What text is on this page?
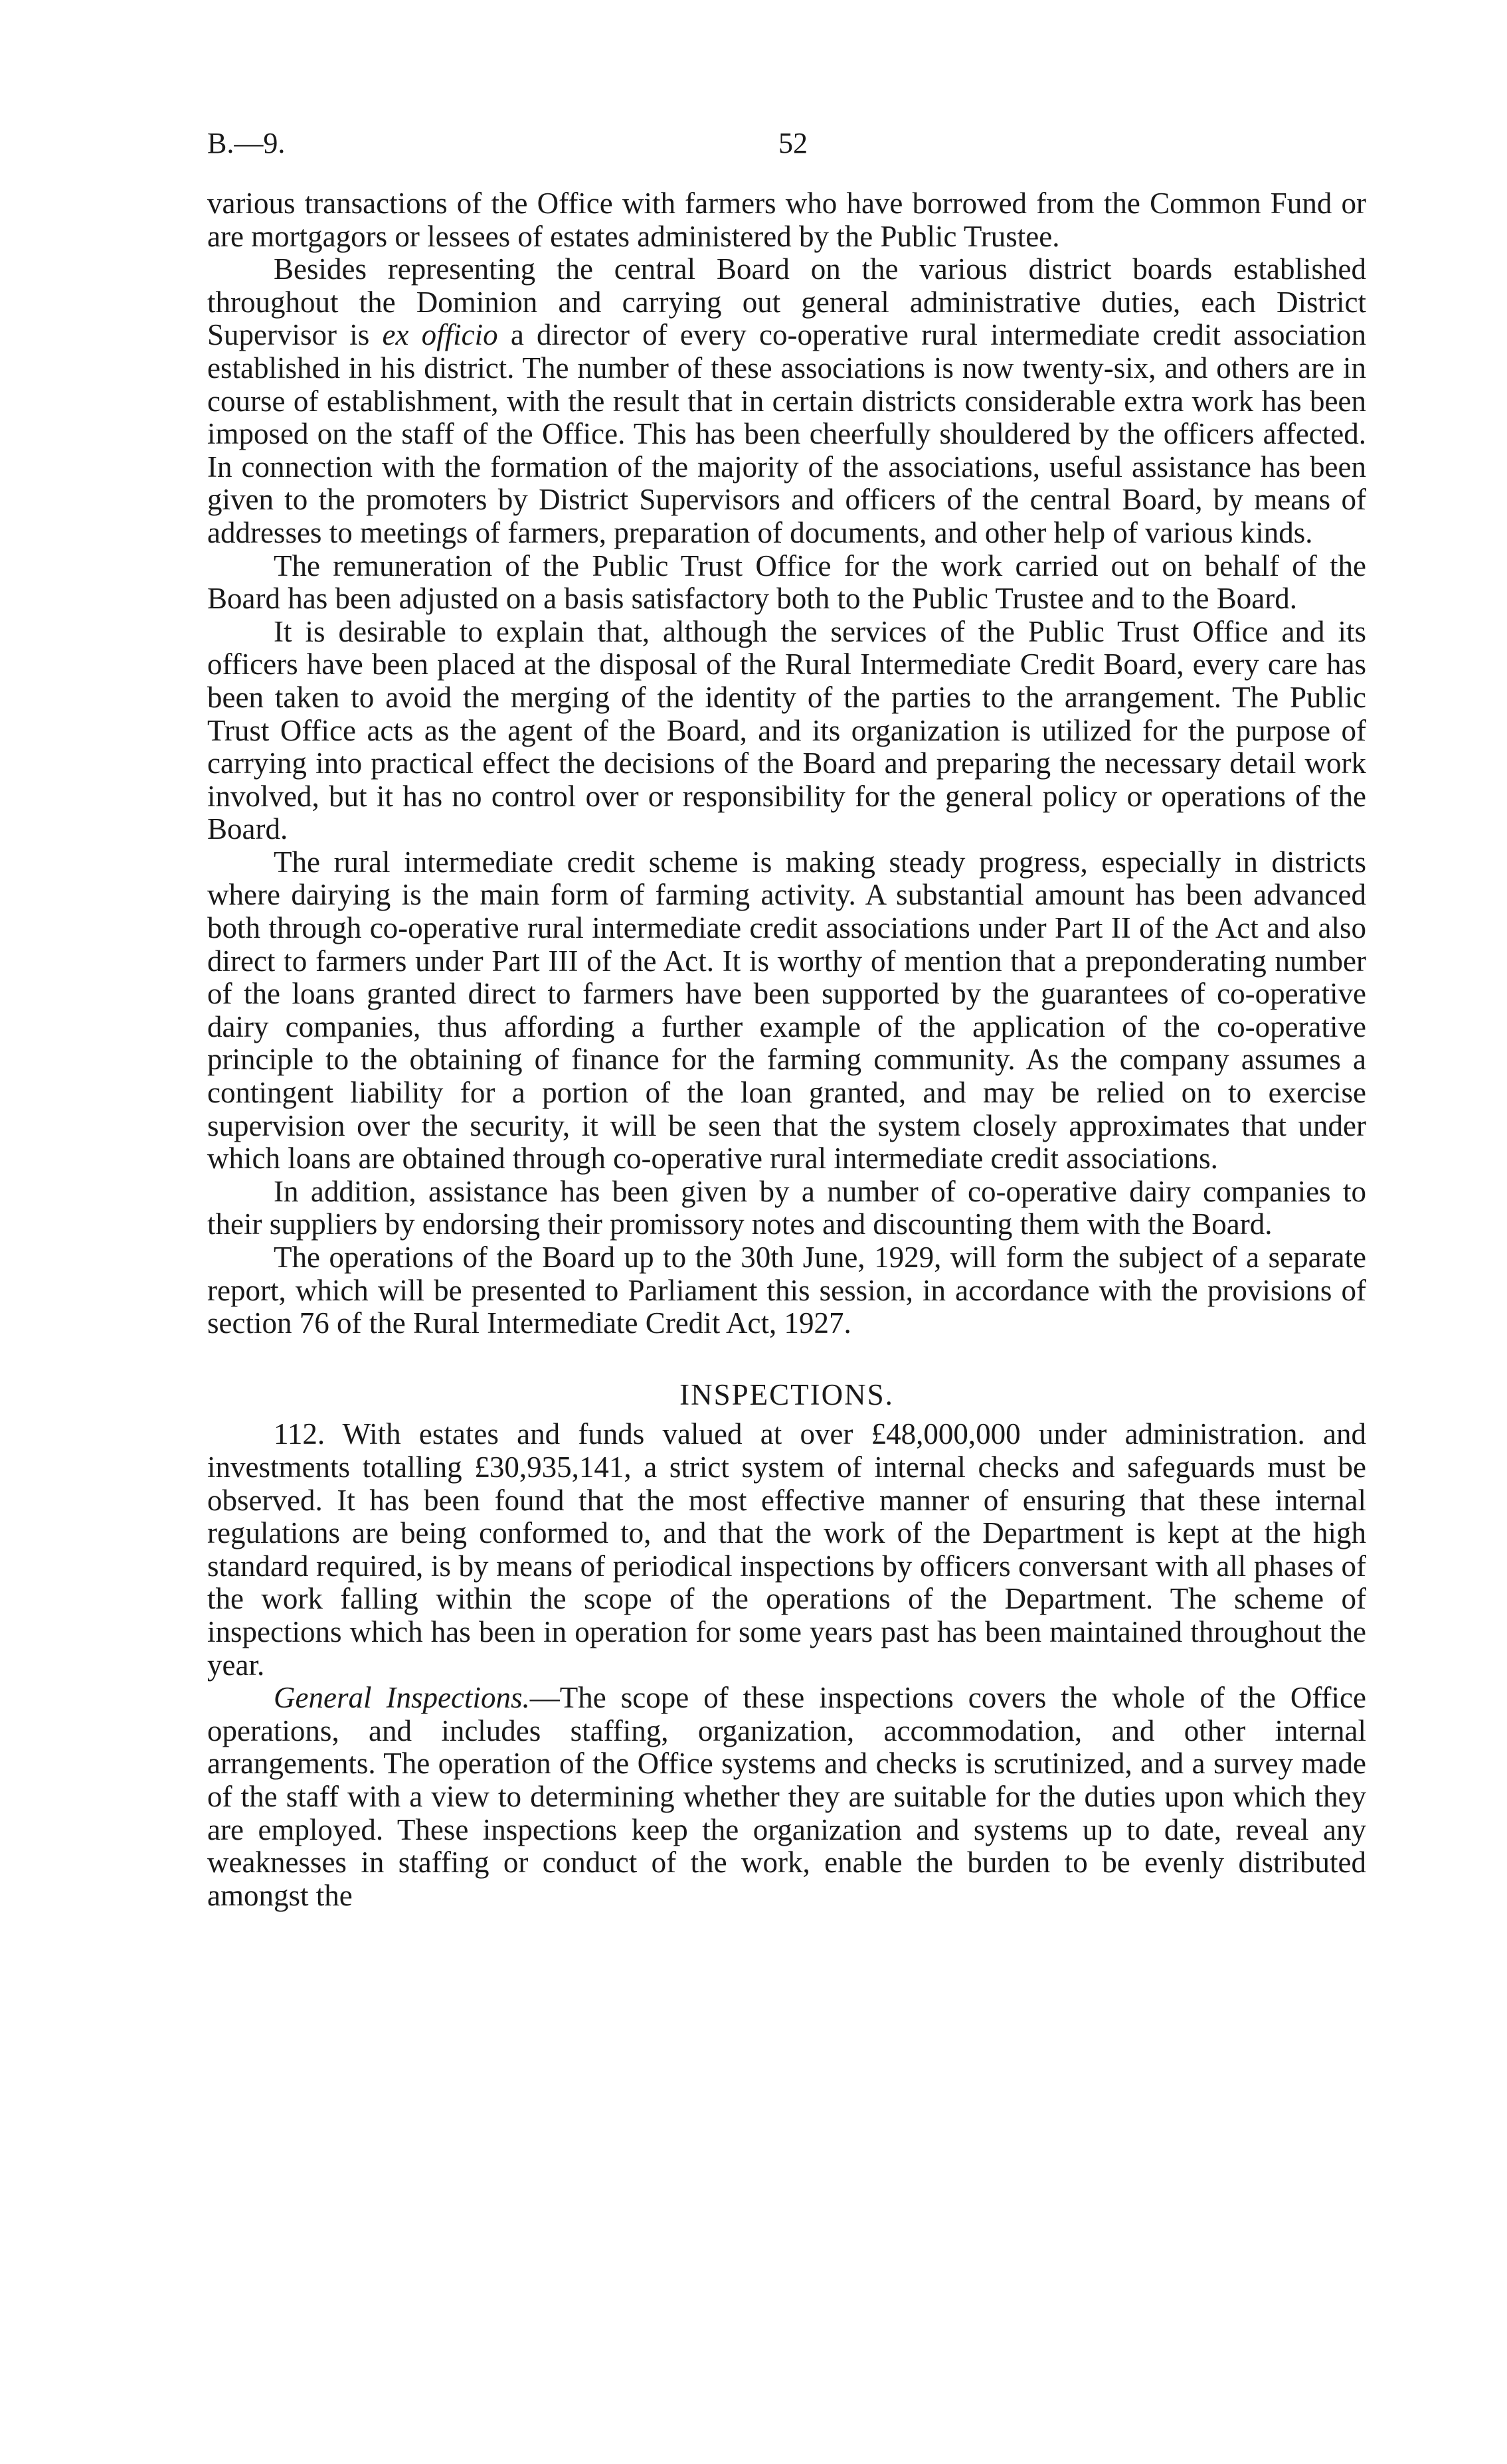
B.—9.	52

various transactions of the Office with farmers who have borrowed from the Common Fund or are mortgagors or lessees of estates administered by the Public Trustee.

Besides representing the central Board on the various district boards established throughout the Dominion and carrying out general administrative duties, each District Supervisor is ex officio a director of every co-operative rural intermediate credit association established in his district. The number of these associations is now twenty-six, and others are in course of establishment, with the result that in certain districts considerable extra work has been imposed on the staff of the Office. This has been cheerfully shouldered by the officers affected. In connection with the formation of the majority of the associations, useful assistance has been given to the promoters by District Supervisors and officers of the central Board, by means of addresses to meetings of farmers, preparation of documents, and other help of various kinds.

The remuneration of the Public Trust Office for the work carried out on behalf of the Board has been adjusted on a basis satisfactory both to the Public Trustee and to the Board.

It is desirable to explain that, although the services of the Public Trust Office and its officers have been placed at the disposal of the Rural Intermediate Credit Board, every care has been taken to avoid the merging of the identity of the parties to the arrangement. The Public Trust Office acts as the agent of the Board, and its organization is utilized for the purpose of carrying into practical effect the decisions of the Board and preparing the necessary detail work involved, but it has no control over or responsibility for the general policy or operations of the Board.

The rural intermediate credit scheme is making steady progress, especially in districts where dairying is the main form of farming activity. A substantial amount has been advanced both through co-operative rural intermediate credit associations under Part II of the Act and also direct to farmers under Part III of the Act. It is worthy of mention that a preponderating number of the loans granted direct to farmers have been supported by the guarantees of co-operative dairy companies, thus affording a further example of the application of the co-operative principle to the obtaining of finance for the farming community. As the company assumes a contingent liability for a portion of the loan granted, and may be relied on to exercise supervision over the security, it will be seen that the system closely approximates that under which loans are obtained through co-operative rural intermediate credit associations.

In addition, assistance has been given by a number of co-operative dairy companies to their suppliers by endorsing their promissory notes and discounting them with the Board.

The operations of the Board up to the 30th June, 1929, will form the subject of a separate report, which will be presented to Parliament this session, in accordance with the provisions of section 76 of the Rural Intermediate Credit Act, 1927.

INSPECTIONS.

112. With estates and funds valued at over £48,000,000 under administration. and investments totalling £30,935,141, a strict system of internal checks and safeguards must be observed. It has been found that the most effective manner of ensuring that these internal regulations are being conformed to, and that the work of the Department is kept at the high standard required, is by means of periodical inspections by officers conversant with all phases of the work falling within the scope of the operations of the Department. The scheme of inspections which has been in operation for some years past has been maintained throughout the year.

General Inspections.—The scope of these inspections covers the whole of the Office operations, and includes staffing, organization, accommodation, and other internal arrangements. The operation of the Office systems and checks is scrutinized, and a survey made of the staff with a view to determining whether they are suitable for the duties upon which they are employed. These inspections keep the organization and systems up to date, reveal any weaknesses in staffing or conduct of the work, enable the burden to be evenly distributed amongst the
